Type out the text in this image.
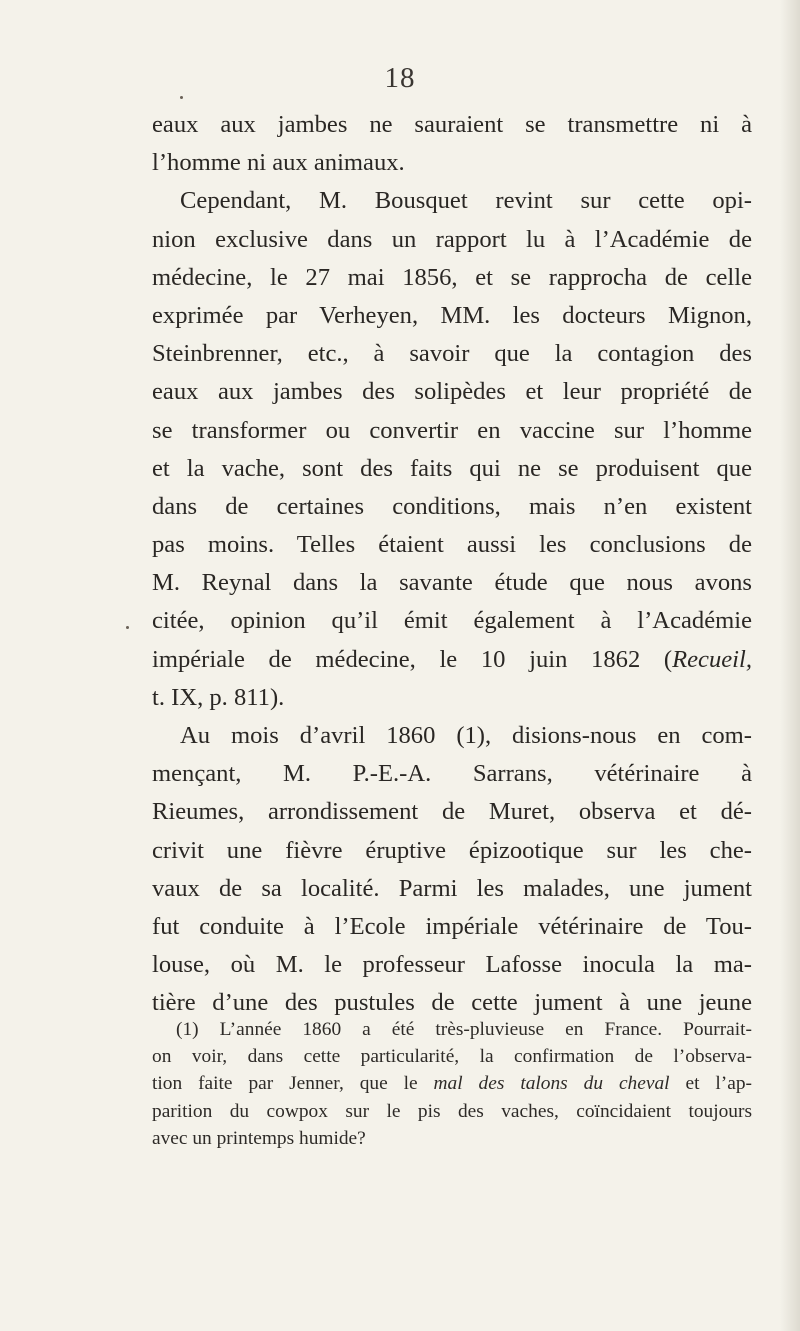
18
eaux aux jambes ne sauraient se transmettre ni à
l’homme ni aux animaux.
Cependant, M. Bousquet revint sur cette opi-
nion exclusive dans un rapport lu à l’Académie de
médecine, le 27 mai 1856, et se rapprocha de celle
exprimée par Verheyen, MM. les docteurs Mignon,
Steinbrenner, etc., à savoir que la contagion des
eaux aux jambes des solipèdes et leur propriété de
se transformer ou convertir en vaccine sur l’homme
et la vache, sont des faits qui ne se produisent que
dans de certaines conditions, mais n’en existent
pas moins. Telles étaient aussi les conclusions de
M. Reynal dans la savante étude que nous avons
citée, opinion qu’il émit également à l’Académie
impériale de médecine, le 10 juin 1862 (Recueil,
t. IX, p. 811).
Au mois d’avril 1860 (1), disions-nous en com-
mençant, M. P.-E.-A. Sarrans, vétérinaire à
Rieumes, arrondissement de Muret, observa et dé-
crivit une fièvre éruptive épizootique sur les che-
vaux de sa localité. Parmi les malades, une jument
fut conduite à l’Ecole impériale vétérinaire de Tou-
louse, où M. le professeur Lafosse inocula la ma-
tière d’une des pustules de cette jument à une jeune
(1) L’année 1860 a été très-pluvieuse en France. Pourrait-
on voir, dans cette particularité, la confirmation de l’observa-
tion faite par Jenner, que le mal des talons du cheval et l’ap-
parition du cowpox sur le pis des vaches, coïncidaient toujours
avec un printemps humide?
